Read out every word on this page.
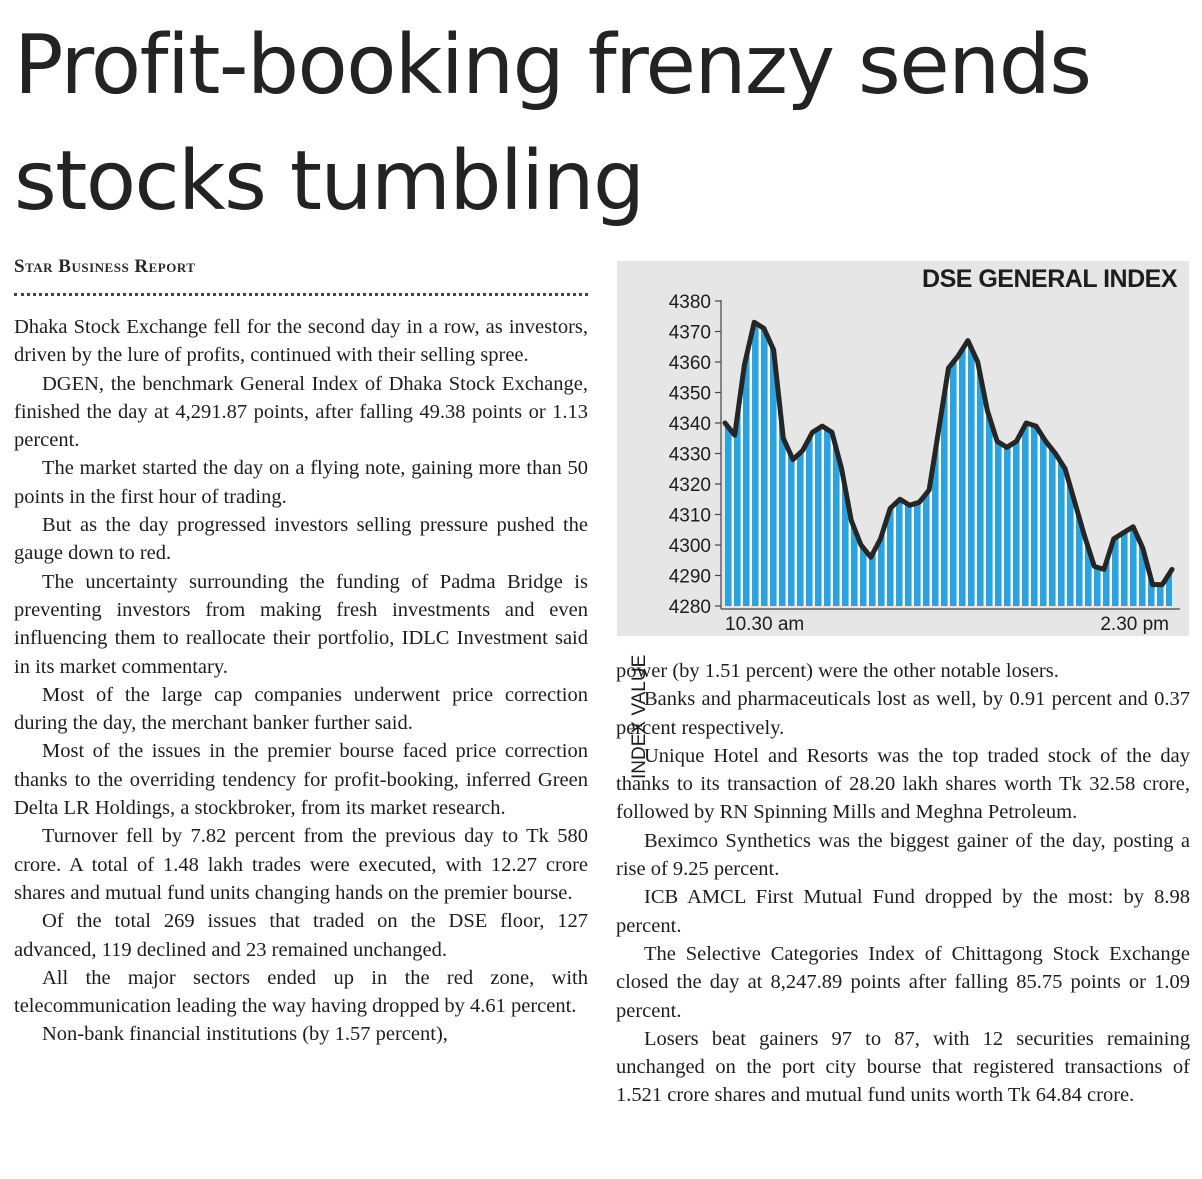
Profit-booking frenzy sends stocks tumbling
Star Business Report

Dhaka Stock Exchange fell for the second day in a row, as investors, driven by the lure of profits, continued with their selling spree.

DGEN, the benchmark General Index of Dhaka Stock Exchange, finished the day at 4,291.87 points, after falling 49.38 points or 1.13 percent.

The market started the day on a flying note, gaining more than 50 points in the first hour of trading.

But as the day progressed investors selling pressure pushed the gauge down to red.

The uncertainty surrounding the funding of Padma Bridge is preventing investors from making fresh investments and even influencing them to reallocate their portfolio, IDLC Investment said in its market commentary.

Most of the large cap companies underwent price correction during the day, the merchant banker further said.

Most of the issues in the premier bourse faced price correction thanks to the overriding tendency for profit-booking, inferred Green Delta LR Holdings, a stockbroker, from its market research.

Turnover fell by 7.82 percent from the previous day to Tk 580 crore. A total of 1.48 lakh trades were executed, with 12.27 crore shares and mutual fund units changing hands on the premier bourse.

Of the total 269 issues that traded on the DSE floor, 127 advanced, 119 declined and 23 remained unchanged.

All the major sectors ended up in the red zone, with telecommunication leading the way having dropped by 4.61 percent.

Non-bank financial institutions (by 1.57 percent),

power (by 1.51 percent) were the other notable losers.

Banks and pharmaceuticals lost as well, by 0.91 percent and 0.37 percent respectively.

Unique Hotel and Resorts was the top traded stock of the day thanks to its transaction of 28.20 lakh shares worth Tk 32.58 crore, followed by RN Spinning Mills and Meghna Petroleum.

Beximco Synthetics was the biggest gainer of the day, posting a rise of 9.25 percent.

ICB AMCL First Mutual Fund dropped by the most: by 8.98 percent.

The Selective Categories Index of Chittagong Stock Exchange closed the day at 8,247.89 points after falling 85.75 points or 1.09 percent.

Losers beat gainers 97 to 87, with 12 securities remaining unchanged on the port city bourse that registered transactions of 1.521 crore shares and mutual fund units worth Tk 64.84 crore.

4380
4370
4360
4350
4340
4330
4320
4310
4300
4290
4280
10.30 am	2.30 pm
DSE GENERAL INDEX
INDEX VALUE
